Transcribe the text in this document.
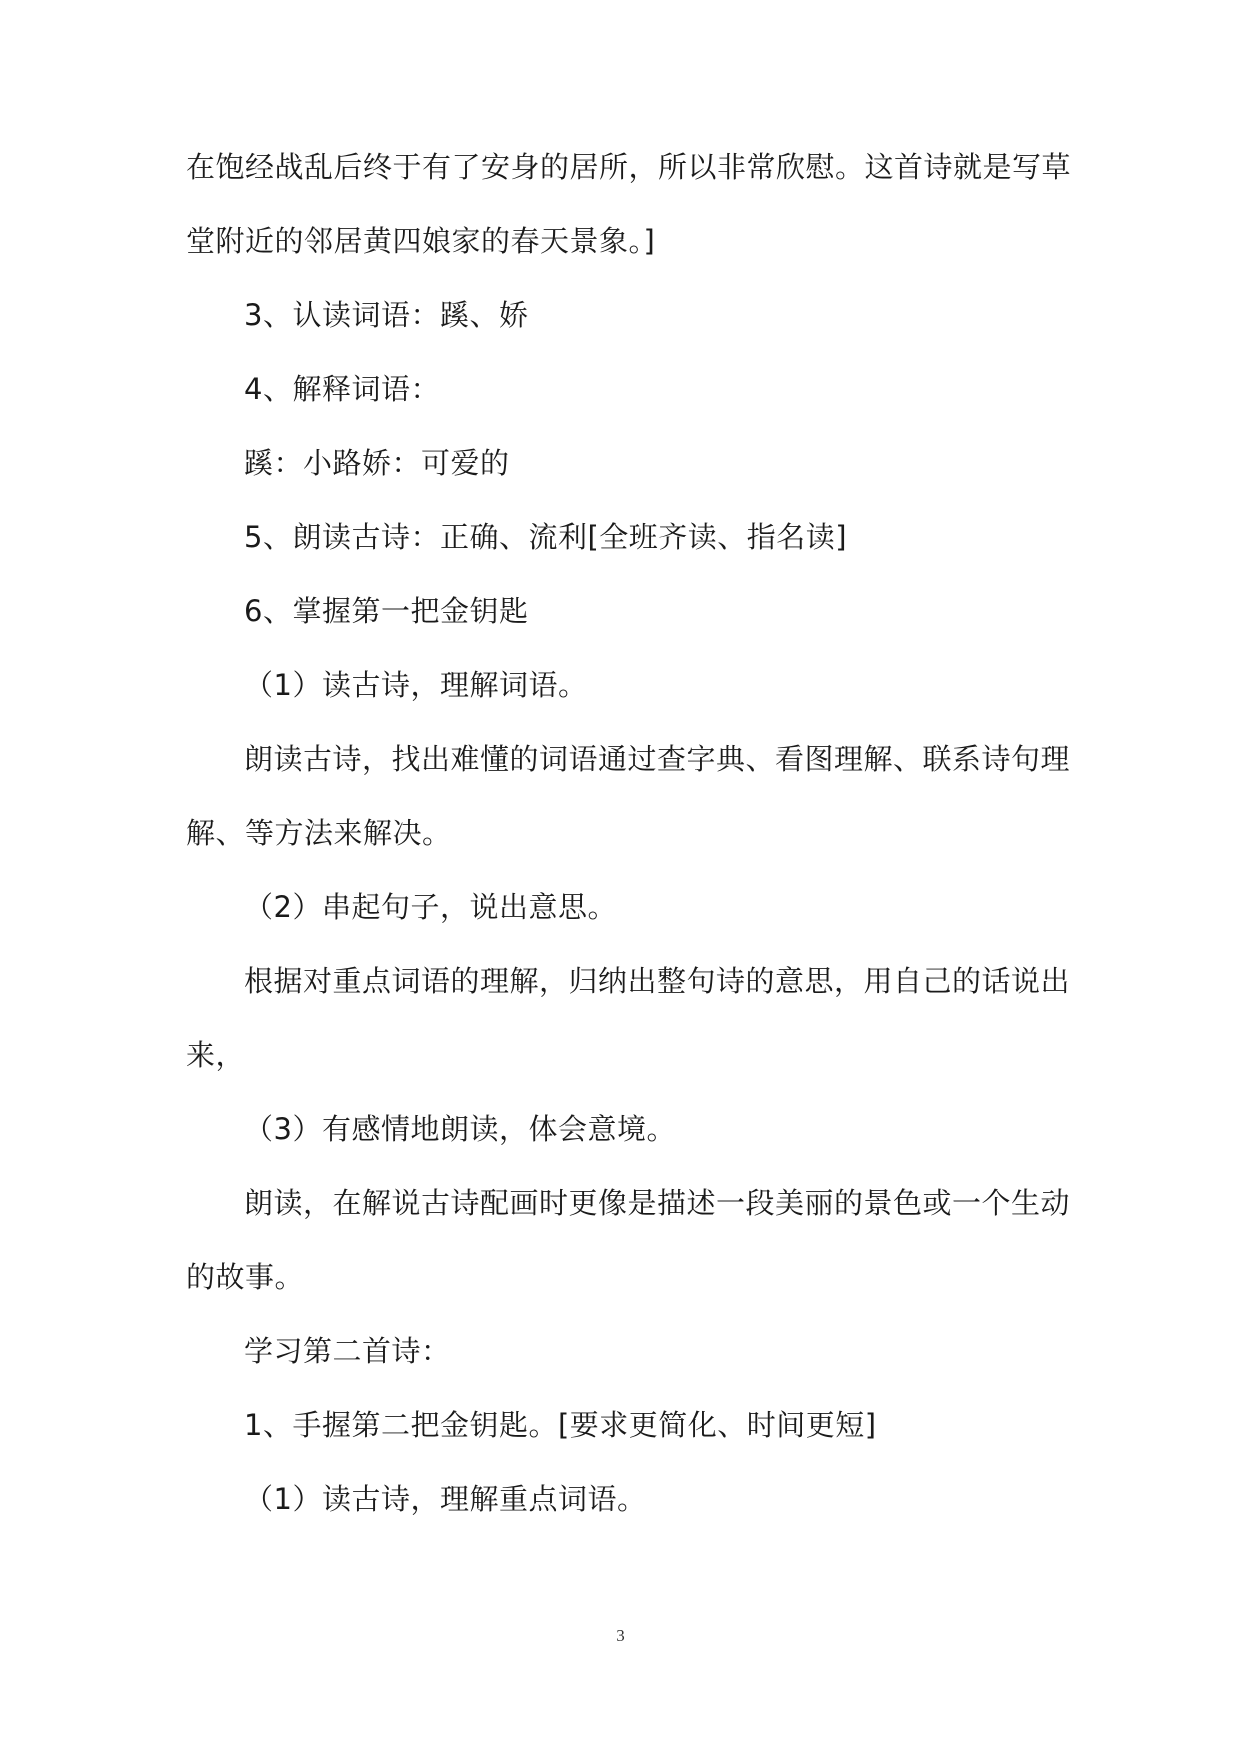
在饱经战乱后终于有了安身的居所，所以非常欣慰。这首诗就是写草
堂附近的邻居黄四娘家的春天景象。]
3、认读词语：蹊、娇
4、解释词语：
蹊：小路娇：可爱的
5、朗读古诗：正确、流利[全班齐读、指名读]
6、掌握第一把金钥匙
（1）读古诗，理解词语。
朗读古诗，找出难懂的词语通过查字典、看图理解、联系诗句理
解、等方法来解决。
（2）串起句子，说出意思。
根据对重点词语的理解，归纳出整句诗的意思，用自己的话说出
来，
（3）有感情地朗读，体会意境。
朗读，在解说古诗配画时更像是描述一段美丽的景色或一个生动
的故事。
学习第二首诗：
1、手握第二把金钥匙。[要求更简化、时间更短]
（1）读古诗，理解重点词语。
3
